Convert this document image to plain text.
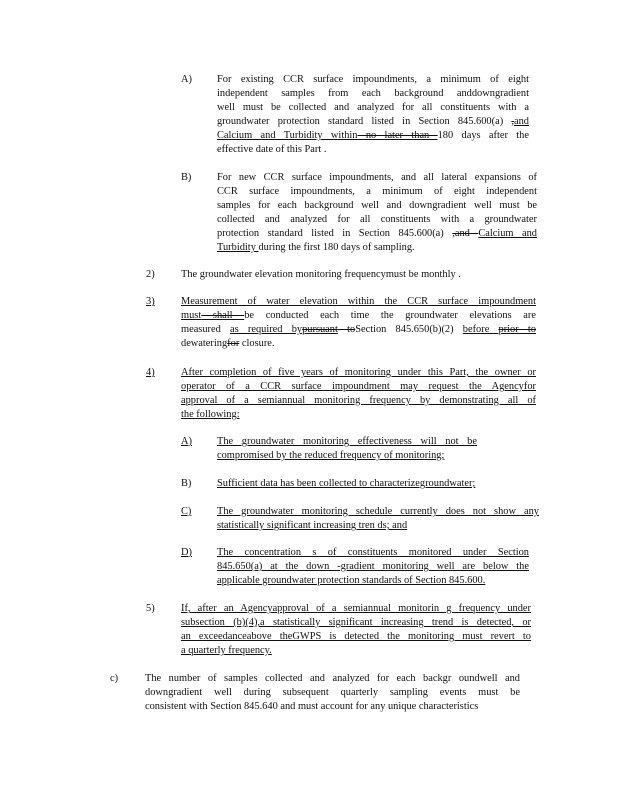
A) For existing CCR surface impoundments, a minimum of eight
independent samples from each background anddowngradient
well must be collected and analyzed for all constituents with a
groundwater protection standard listed in Section 845.600(a) ,and
Calcium and Turbidity within no later than 180 days after the
effective date of this Part .
B) For new CCR surface impoundments, and all lateral expansions of
CCR surface impoundments, a minimum of eight independent
samples for each background well and downgradient well must be
collected and analyzed for all constituents with a groundwater
protection standard listed in Section 845.600(a) ,and Calcium and
Turbidity during the first 180 days of sampling.
2)	The groundwater elevation monitoring frequencymust be monthly .
3)	Measurement of water elevation within the CCR surface impoundment
must shall be conducted each time the groundwater elevations are
measured as required bypursuant toSection 845.650(b)(2) before prior to
dewateringfor closure.
4)	After completion of five years of monitoring under this Part, the owner or
operator of a CCR surface impoundment may request the Agencyfor
approval of a semiannual monitoring frequency by demonstrating all of
the following:
A) The groundwater monitoring effectiveness will not be
compromised by the reduced frequency of monitoring;
B) Sufficient data has been collected to characterizegroundwater;
C) The groundwater monitoring schedule currently does not show any
statistically significant increasing tren ds; and
D) The concentration s of constituents monitored under Section
845.650(a) at the down -gradient monitoring well are below the
applicable groundwater protection standards of Section 845.600.
5)	If, after an Agencyapproval of a semiannual monitorin g frequency under
subsection (b)(4),a statistically significant increasing trend is detected, or
an exceedanceabove theGWPS is detected the monitoring must revert to
a quarterly frequency.
c)	The number of samples collected and analyzed for each backgr oundwell and
downgradient well during subsequent quarterly sampling events must be
consistent with Section 845.640 and must account for any unique characteristics
